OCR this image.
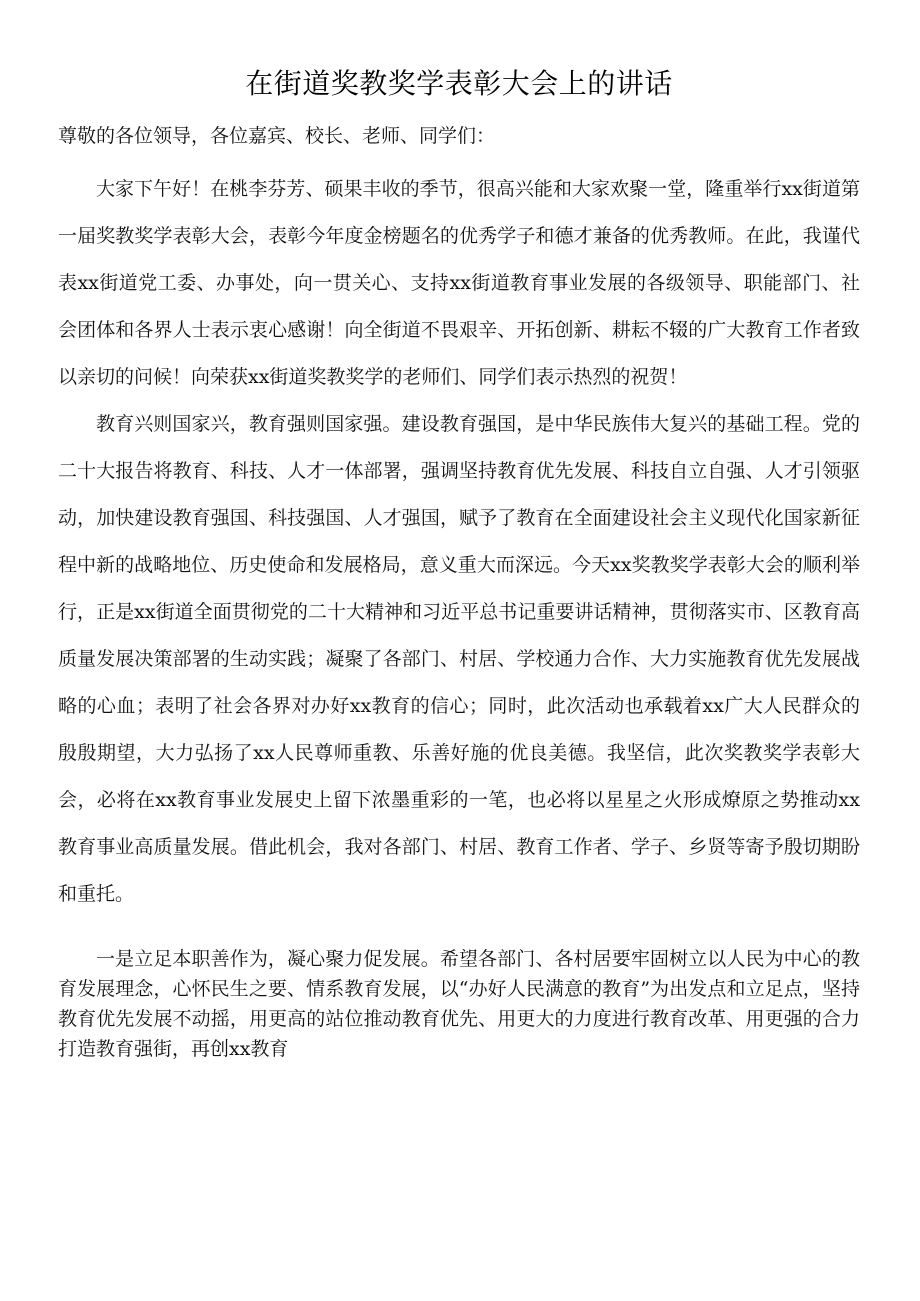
在街道奖教奖学表彰大会上的讲话

尊敬的各位领导，各位嘉宾、校长、老师、同学们：

大家下午好！在桃李芬芳、硕果丰收的季节，很高兴能和大家欢聚一堂，隆重举行xx街道第一届奖教奖学表彰大会，表彰今年度金榜题名的优秀学子和德才兼备的优秀教师。在此，我谨代表xx街道党工委、办事处，向一贯关心、支持xx街道教育事业发展的各级领导、职能部门、社会团体和各界人士表示衷心感谢！向全街道不畏艰辛、开拓创新、耕耘不辍的广大教育工作者致以亲切的问候！向荣获xx街道奖教奖学的老师们、同学们表示热烈的祝贺！

教育兴则国家兴，教育强则国家强。建设教育强国，是中华民族伟大复兴的基础工程。党的二十大报告将教育、科技、人才一体部署，强调坚持教育优先发展、科技自立自强、人才引领驱动，加快建设教育强国、科技强国、人才强国，赋予了教育在全面建设社会主义现代化国家新征程中新的战略地位、历史使命和发展格局，意义重大而深远。今天xx奖教奖学表彰大会的顺利举行，正是xx街道全面贯彻党的二十大精神和习近平总书记重要讲话精神，贯彻落实市、区教育高质量发展决策部署的生动实践；凝聚了各部门、村居、学校通力合作、大力实施教育优先发展战略的心血；表明了社会各界对办好xx教育的信心；同时，此次活动也承载着xx广大人民群众的殷殷期望，大力弘扬了xx人民尊师重教、乐善好施的优良美德。我坚信，此次奖教奖学表彰大会，必将在xx教育事业发展史上留下浓墨重彩的一笔，也必将以星星之火形成燎原之势推动xx教育事业高质量发展。借此机会，我对各部门、村居、教育工作者、学子、乡贤等寄予殷切期盼和重托。

一是立足本职善作为，凝心聚力促发展。希望各部门、各村居要牢固树立以人民为中心的教育发展理念，心怀民生之要、情系教育发展，以“办好人民满意的教育”为出发点和立足点，坚持教育优先发展不动摇，用更高的站位推动教育优先、用更大的力度进行教育改革、用更强的合力打造教育强街，再创xx教育
